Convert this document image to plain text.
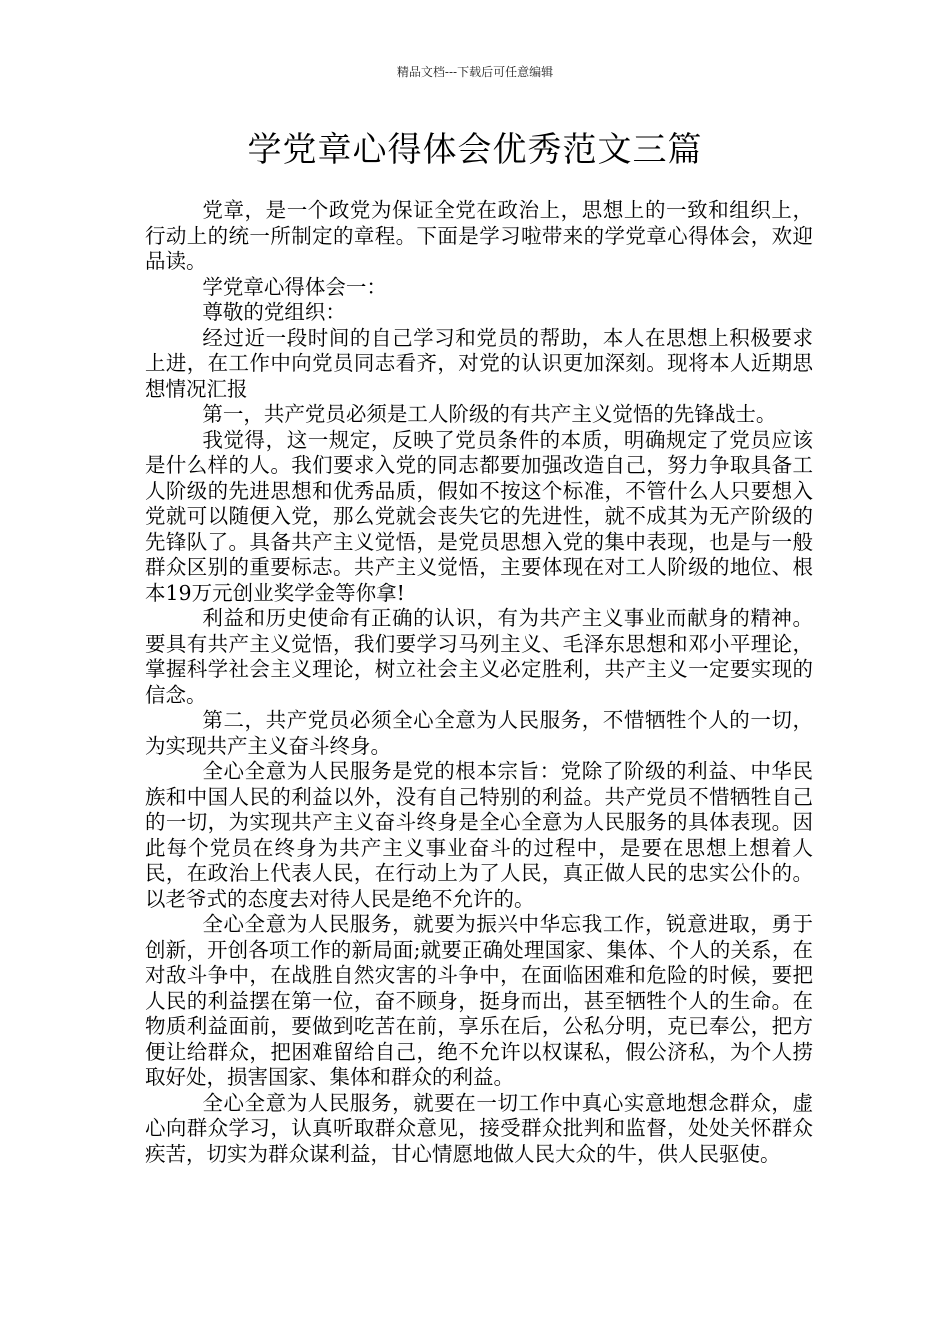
精品文档---下载后可任意编辑
学党章心得体会优秀范文三篇

党章，是一个政党为保证全党在政治上，思想上的一致和组织上，行动上的统一所制定的章程。下面是学习啦带来的学党章心得体会，欢迎品读。

学党章心得体会一：

尊敬的党组织：

经过近一段时间的自己学习和党员的帮助，本人在思想上积极要求上进，在工作中向党员同志看齐，对党的认识更加深刻。现将本人近期思想情况汇报

第一，共产党员必须是工人阶级的有共产主义觉悟的先锋战士。

我觉得，这一规定，反映了党员条件的本质，明确规定了党员应该是什么样的人。我们要求入党的同志都要加强改造自己，努力争取具备工人阶级的先进思想和优秀品质，假如不按这个标准，不管什么人只要想入党就可以随便入党，那么党就会丧失它的先进性，就不成其为无产阶级的先锋队了。具备共产主义觉悟，是党员思想入党的集中表现，也是与一般群众区别的重要标志。共产主义觉悟，主要体现在对工人阶级的地位、根本19万元创业奖学金等你拿!

利益和历史使命有正确的认识，有为共产主义事业而献身的精神。要具有共产主义觉悟，我们要学习马列主义、毛泽东思想和邓小平理论，掌握科学社会主义理论，树立社会主义必定胜利，共产主义一定要实现的信念。

第二，共产党员必须全心全意为人民服务，不惜牺牲个人的一切，为实现共产主义奋斗终身。

全心全意为人民服务是党的根本宗旨：党除了阶级的利益、中华民族和中国人民的利益以外，没有自己特别的利益。共产党员不惜牺牲自己的一切，为实现共产主义奋斗终身是全心全意为人民服务的具体表现。因此每个党员在终身为共产主义事业奋斗的过程中，是要在思想上想着人民，在政治上代表人民，在行动上为了人民，真正做人民的忠实公仆的。以老爷式的态度去对待人民是绝不允许的。

全心全意为人民服务，就要为振兴中华忘我工作，锐意进取，勇于创新，开创各项工作的新局面;就要正确处理国家、集体、个人的关系，在对敌斗争中，在战胜自然灾害的斗争中，在面临困难和危险的时候，要把人民的利益摆在第一位，奋不顾身，挺身而出，甚至牺牲个人的生命。在物质利益面前，要做到吃苦在前，享乐在后，公私分明，克已奉公，把方便让给群众，把困难留给自己，绝不允许以权谋私，假公济私，为个人捞取好处，损害国家、集体和群众的利益。

全心全意为人民服务，就要在一切工作中真心实意地想念群众，虚心向群众学习，认真听取群众意见，接受群众批判和监督，处处关怀群众疾苦，切实为群众谋利益，甘心情愿地做人民大众的牛，供人民驱使。
